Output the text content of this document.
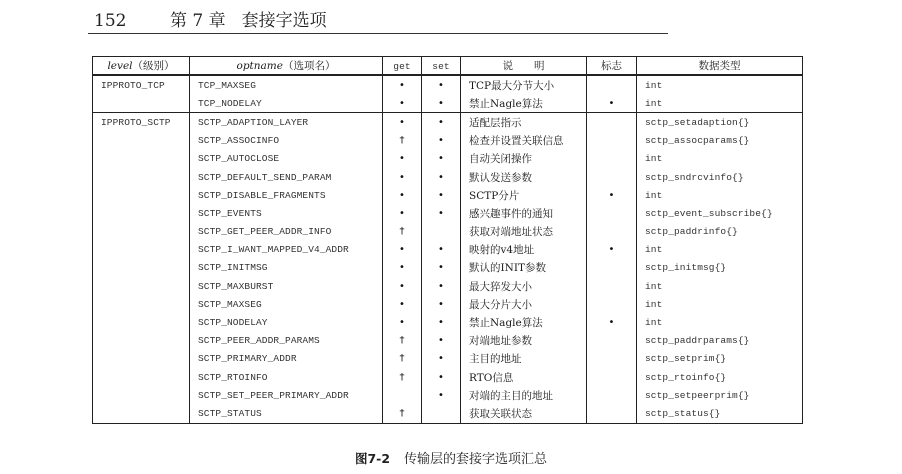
152	第 7 章 套接字选项
level（级别）	optname（选项名）	get	set	说　　明	标志	数据类型
IPPROTO_TCP	TCP_MAXSEG	•	•	TCP最大分节大小		int
	TCP_NODELAY	•	•	禁止Nagle算法	•	int
IPPROTO_SCTP	SCTP_ADAPTION_LAYER	•	•	适配层指示		sctp_setadaption{}
	SCTP_ASSOCINFO	†	•	检查并设置关联信息		sctp_assocparams{}
	SCTP_AUTOCLOSE	•	•	自动关闭操作		int
	SCTP_DEFAULT_SEND_PARAM	•	•	默认发送参数		sctp_sndrcvinfo{}
	SCTP_DISABLE_FRAGMENTS	•	•	SCTP分片	•	int
	SCTP_EVENTS	•	•	感兴趣事件的通知		sctp_event_subscribe{}
	SCTP_GET_PEER_ADDR_INFO	†		获取对端地址状态		sctp_paddrinfo{}
	SCTP_I_WANT_MAPPED_V4_ADDR	•	•	映射的v4地址	•	int
	SCTP_INITMSG	•	•	默认的INIT参数		sctp_initmsg{}
	SCTP_MAXBURST	•	•	最大猝发大小		int
	SCTP_MAXSEG	•	•	最大分片大小		int
	SCTP_NODELAY	•	•	禁止Nagle算法	•	int
	SCTP_PEER_ADDR_PARAMS	†	•	对端地址参数		sctp_paddrparams{}
	SCTP_PRIMARY_ADDR	†	•	主目的地址		sctp_setprim{}
	SCTP_RTOINFO	†	•	RTO信息		sctp_rtoinfo{}
	SCTP_SET_PEER_PRIMARY_ADDR		•	对端的主目的地址		sctp_setpeerprim{}
	SCTP_STATUS	†		获取关联状态		sctp_status{}
图7-2 传输层的套接字选项汇总
